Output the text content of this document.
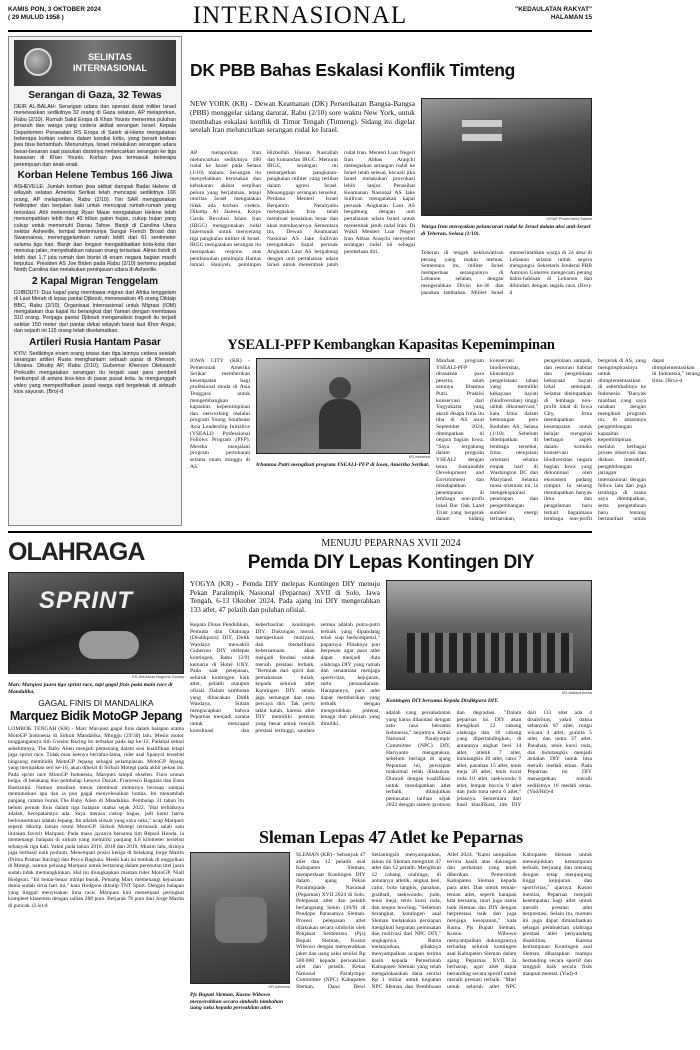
KAMIS PON, 3 OKTOBER 2024
( 29 MULUD 1958 )	INTERNASIONAL	"KEDAULATAN RAKYAT"
HALAMAN 15
SELINTAS INTERNASIONAL
Serangan di Gaza, 32 Tewas

DEIR AL-BALAH: Serangan udara dan operasi darat militer Israel menewaskan sedikitnya 32 orang di Gaza selatan, AP melaporkan, Rabu (2/10). Rumah Sakit Eropa di Khan Younis menerima puluhan jenazah dan warga yang cedera akibat serangan Israel. Kepala Departemen Perawatan RS Eropa di Saleh al-Hams mengatakan beberapa korban cedera dalam kondisi kritis, yang berarti korban jiwa bisa bertambah. Menurutnya, Israel melakukan serangan udara besar-besaran saat pasukan daratnya melancarkan serangan ke tiga kawasan di Khan Younis. Korban jiwa termasuk beberapa perempuan dan anak-anak.

Korban Helene Tembus 166 Jiwa

ASHEVILLE: Jumlah korban jiwa akibat dampak Badai Helene di wilayah selatan Amerika Serikat telah mencapai sedikitnya 166 orang, AP melaporkan, Rabu (2/10). Tim SAR menggunakan helikopter dan berjalan kaki untuk mencapai rumah-rumah yang terisolasi. Ahli meteorologi Ryan Maue mengatakan Helene telah menumpahkan lebih dari 40 triliun galon hujan, cukup hujan yang cukup untuk memenuhi Danau Tahoe. Banjir di Carolina Utara sekitar Asheville, tempat bertemunya Sungai French Broad dan Swannanoa, menenggelamkan rumah lebih dari 61 sentimeter selama tiga hari. Banjir dan longsor mengakibatkan kota-kota dan menutup jalan, menyebabkan ratusan orang terisolasi. Aliran listrik di lebih dari 1,7 juta rumah dan bisnis di enam negara bagian masih terputus. Presiden AS Joe Biden pada Rabu (2/10) bertemu pejabat North Carolina dan melakukan peninjauan udara di Asheville.

2 Kapal Migran Tenggelam

DJIBOUTI: Dua kapal yang membawa migran dari Afrika tenggelam di Laut Merah di lepas pantai Djibouti, menewaskan 45 orang Diklaip BBC, Rabu (2/10). Organisasi Internasional untuk Migrasi (IOM) mengatakan dua kapal itu berangkat dari Yaman dengan membawa 310 orang. Penjaga pantai Djibouti menganalisis tragedi itu terjadi sekitar 150 meter dari pantai dekat wilayah barat laut Khor Angar, dan sejauh ini 115 orang telah diselamatkan.

Artileri Rusia Hantam Pasar

KYIV: Sedikitnya enam orang tewas dan tiga lainnya cedera setelah serangan artileri Rusia menghantam sebuah pasar di Kherson, Ukraina. Dikutip AP, Rabu (2/10), Gubernur Kherson Oleksandr Prokudin mengatakan serangan itu terjadi saat para pembeli berkumpul di antara kios-kios di pasar pusat kota. Ia mengunggah video yang memperlihatkan jasad warga sipil tergeletak di sebuah kios sayuran. (Bro)-d

DK PBB Bahas Eskalasi Konflik Timteng

NEW YORK (KR) - Dewan Keamanan (DK) Perserikatan Bangsa-Bangsa (PBB) menggelar sidang darurat, Rabu (2/10) sore waktu New York, untuk membahas eskalasi konflik di Timur Tengah (Timteng). Sidang itu digelar setelah Iran meluncurkan serangan rudal ke Israel.

AP melaporkan Iran meluncurkan sedikitnya 180 rudal ke Israel pada Selasa (1/10) malam. Serangan itu menyebabkan kerusakan dan kebakaran akibat serpihan peluru yang berjatuhan, tetapi otoritas Israel mengatakan tidak ada korban cedera. Dikutip Al Jazeera, Korps Garda Revolusi Islam Iran (IRGC) menggunakan rudal hipersonik untuk menyerang tiga pangkalan militer di Israel. IRGC mengatakan serangan itu merupakan respons atas pembunuhan pemimpin Hamas Ismail Haniyeh, pemimpin Hizbullah Hassan Nasrallah dan komandan IRGC. Menurut IRGC, serangan ini menargetkan pangkalan-pangkalan militer yang terlibat dalam agresi Israel. Menanggapi serangan tersebut, Perdana Menteri Israel Benjamin Netanyahu menegaskan Iran telah membuat kesalahan besar dan akan membayarnya. Sementara itu, Dewan Keamanan Nasional AS Jake Sullivan mengatakan kapal perusak Angkatan Laut AS bergabung dengan unit pertahanan udara Israel untuk menembak jatuh rudal Iran. Menteri Luar Negeri Iran Abbas Araqchi menegaskan serangan rudal ke Israel telah selesai, kecuali jika Israel melakukan provokasi lebih lanjut. Penasihat Keamanan Nasional AS Jake Sullivan mengatakan kapal perusak Angkatan Laut AS bergabung dengan unit pertahanan udara Israel untuk menembak jatuh rudal Iran. Di Wakil Menteri Luar Negeri Iran Abbas Araqchi menyebut serangan rudal ini sebagai pembelaan diri.

KR/AP Photo/Vahid Salemi
Warga Iran merayakan peluncuran rudal ke Israel dalam aksi anti-Israel di Teheran, Selasa (1/10).

Teheran di tengah kekhawatiran perang yang makin meluas. Sementara itu, militer Israel memperluas serangannya di Lebanon selatan, dengan mengerahkan Divisi ke-36 dan pasukan tambahan. Militer Israel memerintahkan warga di 24 desa di Lebanon selatan untuk segera mengungsi. Sekretaris Jenderal PBB Antonio Guterres mengecam perang habis-habisan di Lebanon dan dihindari dengan segala cara. (Bro)-d

YSEALI-PFP Kembangkan Kapasitas Kepemimpinan

IOWA CITY (KR) - Pemerintah Amerika Serikat memberikan kesempatan bagi profesional muda di Asia Tenggara untuk mengembangkan kapasitas kepemimpinan dan networking melalui program Young Southeast Asia Leadership Initiative (YSEALI) Professional Fellows Program (PFP). Mereka menjalani program pertukaran selama enam minggu di AS.

KR-istimewa
Irhamna Putri mengikuti program YSEALI-PFP di Iowa, Amerika Serikat.

Manfaat program YSEALI-PFP dirasakan para peserta, salah satunya Irhamna Putri. Praktisi konservasi dari Yogyakarta yang akrab disapa Irma itu tiba di AS awal September 2024, ditempatkan di negara bagian Iowa. "Saya tergabung dalam program YSEALI dengan tema Sustainable Development and Environment dan mendapatkan penempatan di lembaga non-profit lokal Bur Oak Land Trust yang bergerak dalam bidang konservasi biodiversitas, khususnya pengelolaan lahan yang memiliki kekayaan hayati (biodiversitas) tinggi untuk dikonservasi," kata Irma dalam keterangan pers Kedubes AS, Selasa (1/10). Sebelum ditempatkan di lembaga tersebut, Irma menjalani orientasi selama empat hari di Washington DC dan Maryland. Selama masa orientasi ini, ia mengeksplorasi penerapan dan pengembangan sumber energi terbarukan, pengelolaan sampah, dan restorasi habitat dan pengelolaan kekayaan hayati lokal setempat. Selama ditempatkan di lembaga non-profit lokal di Iowa City, Irma mendapatkan kesempatan untuk belajar mengenai berbagai aspek dalam kontoks konservasi biodiversitas negara bagian Iowa yang didominasi oleh ekosistem padang rumput. Ia senang mendapatkan banyak ilmu dan pengalaman baru terkait bagaimana lembaga non-profit bergerak di AS, yang menginspirasinya untuk diimplementasikan di sekembalinya ke Indonesia. "Banyak manfaat yang saya rasakan dengan mengikuti program ini, di antaranya pengembangan kapasitas kepemimpinan melalui berbagai proses observasi dan diskusi interaktif, pengembangan jaringan internasional dengan fellow lain dan juga lembaga di mana saya ditempatkan, serta pengetahuan baru tentang bermanfaat untuk dapat diimplementasikan di Indonesia," terang Irma. (Bro)-d

OLAHRAGA
SPRINT
KR-Ant/Aksar Nugroho Gumay
Marc Marquez juara tigo sprint race, tapi gagal finis pada main race di Mandalika.
GAGAL FINIS DI MANDALIKA
Marquez Bidik MotoGP Jepang

LOMBOK TENGAH (KR) - Marc Marquez gagal finis dalam balapan utama MotoGP Indonesia di Sirkuit Mandalika, Minggu (29/30) lalu. Mesin motor tunggangannya tim Gresini Racing itu terbakar pada lap ke-12. Padahal sebari sebelumnya, The Baby Alien menjadi pemenang dalam sesi kualifikasi tetapi juga sprint race. Tidak mau keenya berlama-lama, rider asal Spanyol tersebut langsung membidik MotoGP Jepang sebagai pelampiasan. MotoGP Jepang yang merupakan seri ke-16, akan dihelat di Sirkuit Motegi pada akhir pekan ini. Pada sprint race MotoGP Indonesia, Marquez tampil ekselen. Finis urutan kelga, di belakang duo pembalap Lenovo Ducati, Francesco Bagnaia dan Enea Bastianini. Namun musibah mesin membuat motornya berasap sampai memutuskan apa dan ia pun gagal menyelesaikan lomba. Ini menambah panjang catatan buruk The Baby Alien di Mandalika. Pembalap 31 tahun itu belum pernah finis dalam tiga balapan utama sejak 2022. "Hal terbaiknya adalah, kecepatannya ada. Saya merasa cukup bagus, jadi kami harus berkonsentrasi adalah Jepang. Itu adalah sirkuit yang saya suka," ucap Marquez seperti dikutip laman resmi MotoGP. Sirkuit Motegi termasuk salah satu lintasan favorit Marquez. Pada masa jayanya bersama tim Repsol Honda, ia memenangi balapan di sirkuit yang memiliki panjang 4,8 kilometer tersebut sebanyak tiga kali. Yakni pada tahun 2016, 2018 dan 2019. Musim lalu, dirinya juga berhasil naik podium. Menempati posisi ketiga di belakang Jorge Martin (Prima Pramac Racing) dan Pecco Bagnaia. Meski kali ini tembak di unggulkan di Motegi, namun peluang Marquez untuk bertarung dalam perebutan titel juara sudah tidak memungkinkan. Hal itu diungkapkan mantan rider MotoGP, Niall Hodgson. "Ini benar-benar mimpi buruk. Peluang Marc memenangi kejuaraan dunia sudah sirna hari ini," kata Hodgson dikutip TNT Sport. Dengan balapan yang tinggal menyisakan lima race, Marquez kini menempati peringkat kompleet klasemen dengan raihan 288 poin. Berjarak 78 poin dari Jorge Martin di puncak. (Lis)-d

MENUJU PEPARNAS XVII 2024
Pemda DIY Lepas Kontingen DIY

YOGYA (KR) - Pemda DIY melepas Kontingen DIY menuju Pekan Paralimpik Nasional (Peparnas) XVII di Solo, Jawa Tengah, 6-13 Oktober 2024. Pada ajang ini DIY mengerahkan 133 atlet, 47 pelatih dan puluhan ofisial.

Kepala Dinas Pendidikan, Pemuda dan Olahraga (Disdikpora) DIY, Didik Wardaya mewakili Gubernur DIY melepas kontingen, Rabu (2/9) kemarin di Hotel UNY. Pada saat pelepasan, seluruh kontingen baik atlet, pelatih maupun ofisial. Dalam sambutan yang dibacakan Didik Wardaya, Sultan mengucapkan bahwa Peparnas menjadi sarana untuk mencapai koordinasi dan keberhasilan kontingen DIY. Dukungan moral, memperkuat motivasi, dan memelihara kebersamaan akan menjadi fondasi untuk meraih prestasi terbaik. "Bertolak dari spirit dan pemahaman itulah, kepada seluruh atlet Kontingen DIY selalu jaga semangat dan rasa percaya diri. Tak perlu takut kalah, karena atlet DIY memiliki potensi yang besar untuk meraih prestasi tertinggi, saudara semua adalah putra-putri terbaik yang dipandang telah siap berkompetisi," paparnya. Pihaknya pun berpesan agar para atlet dapat menjadi duta olahraga DIY yang ramah dan senantiasa menjaga sportivitas, kejujuran, serta persaudaraan. Harapannya, para atlet dapat memberikan yang terbaik dengan mengerahkan potensi, tenaga dan pikiran yang dimiliki.

KR-Adhitya Arena
Kontingen DIY bersama Kepala Disdikpora DIY.

adalah yang persahabatan yang harus dilandasi dengan satu rasa bersama Indonesia," lanjutnya. Ketua National Paralympic Committee (NPC) DIY, Hariyanto mengatakan, sebelum berlaga di ajang Peparnas ini, persiapan maksimal telah dilakukan. Diawali dengan kualifikasi untuk mendapatkan atlet terbaik, dilanjutkan pemusatan latihan sejak 2022 dengan sistem promosi dan degradasi. "Dalam peparnas ini DIY akan mengikuti 12 cabang olahraga dan 18 cabang yang dipertandingkan, di antaranya angkat besi 14 atlet, atletik 7 atlet, bulutangkis 10 atlet, catur 7 atlet, panahan 15 atlet, tenis meja 20 atlet, tenis kursi roda 10 atlet, taekwondo 6 atlet, lempar boccia 8 atlet dan judo tuna netra 6 atlet," jelasnya. Sementara dari hasil klasifikasi, tim DIY dari 133 atlet ada 4 disabilitas, yakni daksa sebanyak 87 atlet, rungu wicara 4 atlet, grahita 5 atlet, dan netra 37 atlet. Panahan, tenis kursi roda, dan bulutangkis menjadi andalan DIY untuk bisa meraih medali emas. Pada Peparnas ini DIY menargetkan meraih sedikitnya 16 medali emas. (Yud/Hit)-d

Sleman Lepas 47 Atlet ke Peparnas
KR-Istimewa
Pjs Bupati Sleman, Kusno Wibowo menyerahkan secara simbolis tambahan uang saku kepada perwakilan atlet.

SLEMAN (KR) - Sebanyak 47 atlet dan 12 pelatih asal Kabupaten Sleman, memperkuat Kontingen DIY dalam ajang Pekan Paralimpiade Nasional (Peparnas) XVII 2024 di Solo. Pelepasan atlet dan pelatih berlangsung Senin (30/9) di Pendopo Parasamya Sleman. Prosesi pelepasan atlet dilakukan secara simbolis oleh Penjabat Sementara (Pjs) Bupati Sleman, Kusno Wibowo dengan menyerahkan jaket dan uang saku senilai Rp 500.000 kepada perwakilan atlet dan pelatih. Ketua National Paralympic Committee (NPC) Kabupaten Sleman, Dana Dewi Setianingsih menyampaikan, tahun ini Sleman mengirim 47 atlet dan 12 pelatih. Mengikuti 12 cabang olahraga, di antaranya atletik, angkat besi, catur, bola tangkis, panahan, goalball, taekwondo, judo, tenis meja, tenis kursi roda, dan tenpin bowling. "Sebelum berangkat, kontingen asal Sleman melakukan persiapan mengikuti kegiatan pemusatan dan motivasi dari NPC DIY," ungkapnya. Ratna melanjutkan, pihaknya menyampaikan ucapan terima kasih kepada Pemerintah Kabupaten Sleman yang telah mengalokasikan dana senilai Rp 1 miliar untuk kegiatan NPC Sleman dan Pembinaan Atlet 2024. "Kami sampaikan terima kasih atas dukungan dan perhatian yang telah diberikan Pemerintah Kabupaten Sleman kepada para atlet. Dan untuk teman-teman atlet, seperti harapan kita bersama, mari juga nama baik Sleman dan DIY dengan berprestasi baik dan juga menjaga kesopanan," kata Ratna. Pjs Bupati Sleman, Kusno Wibowo menyampaikan dukungannya terhadap seluruh kontingen asal Kabupaten Sleman dalam ajang Peparnas XVII. Ia berharap, agar atlet dapat bertanding secara sportif untuk meraih prestasi terbaik. "Mari untuk seluruh atlet NPC Kabupaten Sleman untuk menunjukkan kemampuan terbaik, berjuang dan menang dengan tetap menjunjung tinggi kejujuran dan sportivitas," ujarnya. Kusno menilai, Peparnas menjadi kesempatan bagi atlet untuk meraih prestasi atlet berprestasi. Selain itu, momen ini juga dapat dimanfaatkan sebagai pembuktian olahraga prestasi atlet penyandang disabilitas. Karena kemampuan Kontingen asal Sleman diharapkan mampu bertanding secara sportif dan tangguh baik secara fisik maupun mental. (Yud)-d
